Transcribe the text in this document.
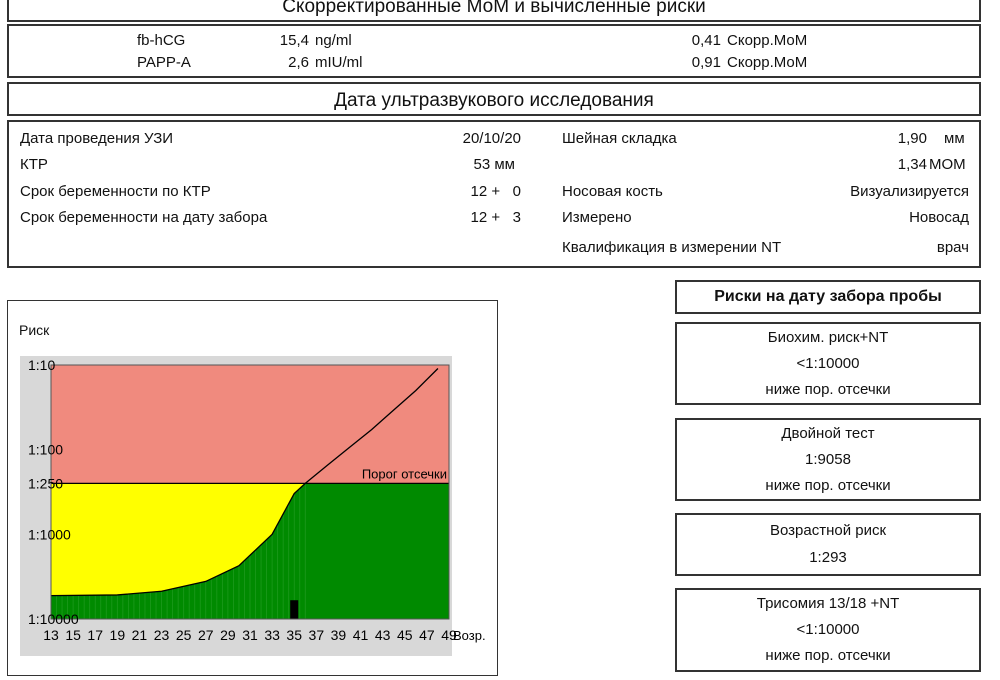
Скорректированные МоМ и вычисленные риски
fb-hCG	15,4 ng/ml	0,41 Скорр.МоМ
PAPP-A	2,6 mIU/ml	0,91 Скорр.МоМ
Дата ультразвукового исследования
Дата проведения УЗИ	20/10/20
КТР	53 мм
Срок беременности по КТР	12 +   0
Срок беременности на дату забора	12 +   3
Шейная складка	1,90 мм
1,34 МОМ
Носовая кость	Визуализируется
Измерено	Новосад
Квалификация в измерении NT	врач
1:10
1:100
1:250
1:1000
1:10000
13 15 17 19 21 23 25 27 29 31 33 35 37 39 41 43 45 47 49
Возр.
Порог отсечки
Риск
Риски на дату забора пробы
Биохим. риск+NT
<1:10000
ниже пор. отсечки
Двойной тест
1:9058
ниже пор. отсечки
Возрастной риск
1:293
Трисомия 13/18 +NT
<1:10000
ниже пор. отсечки
